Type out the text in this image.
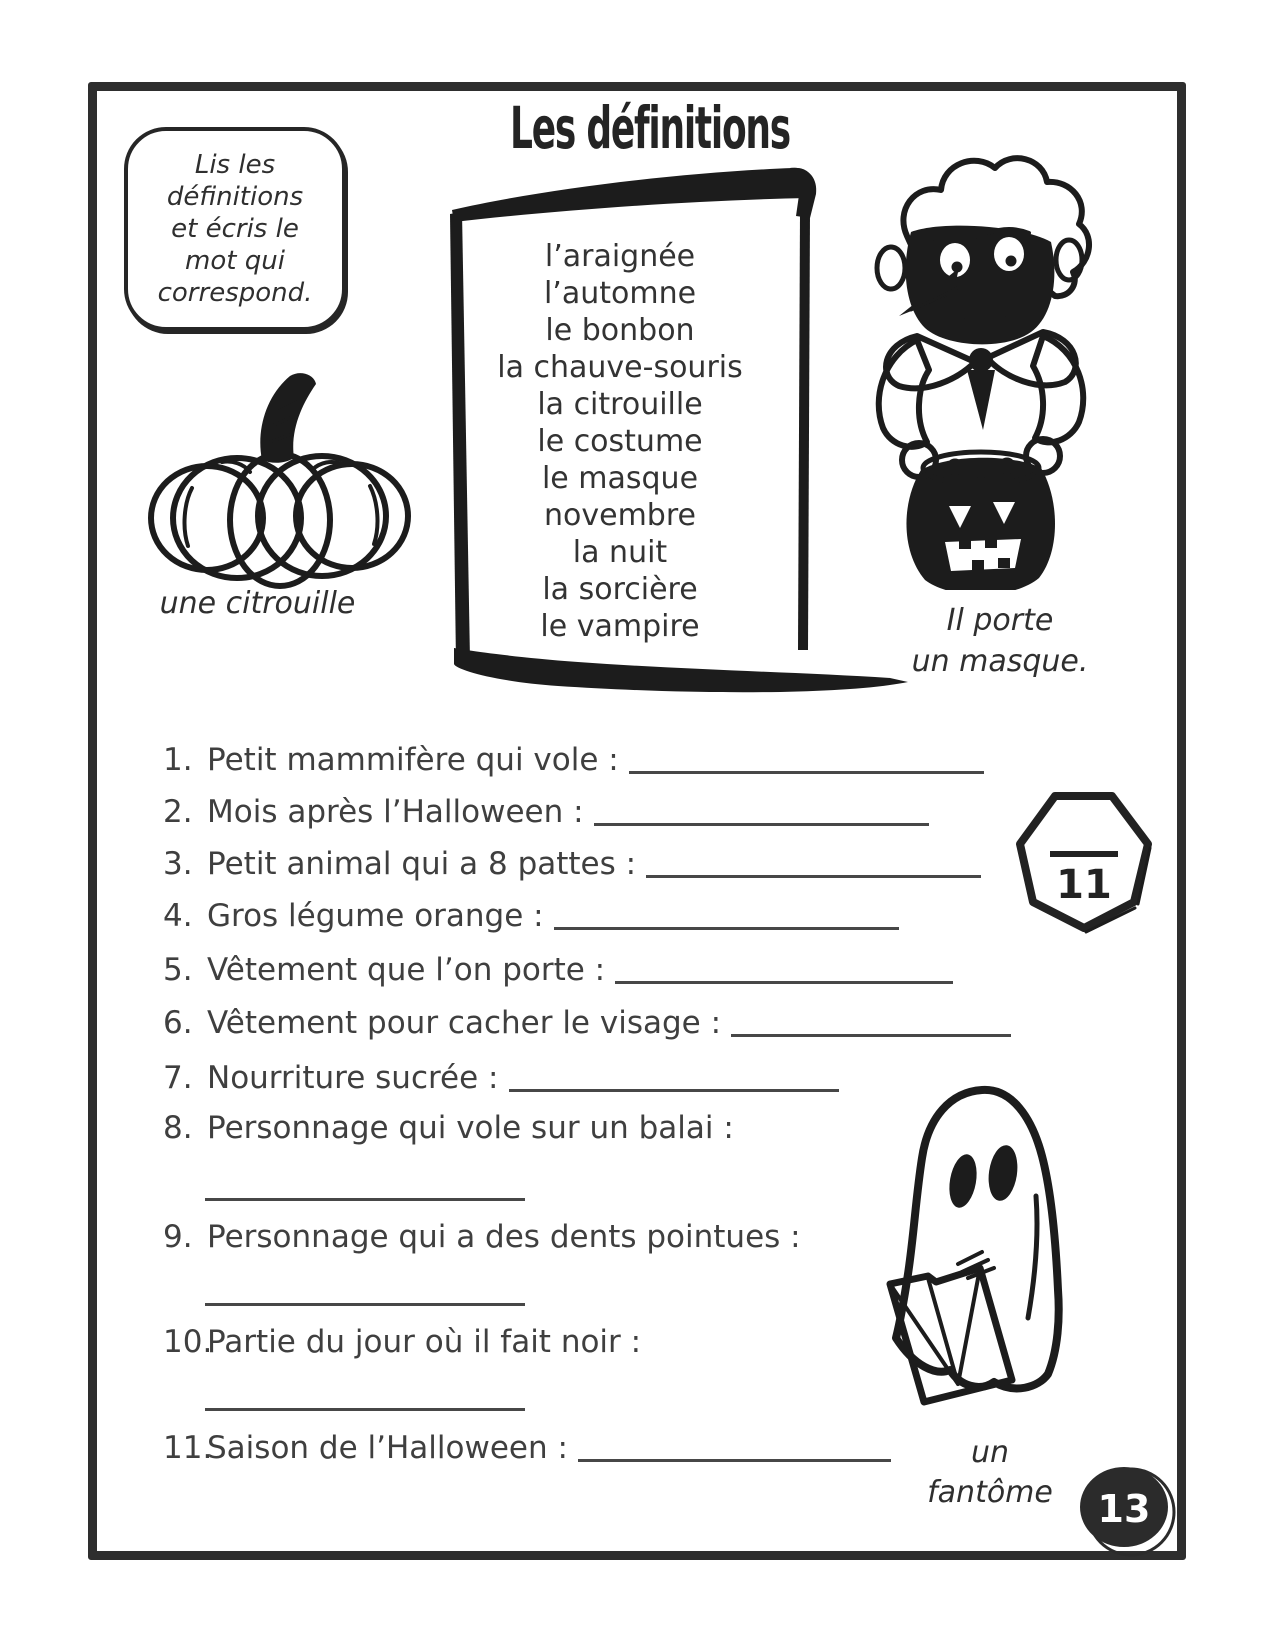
Les définitions
Lis les
définitions
et écris le
mot qui
correspond.
l’araignée
l’automne
le bonbon
la chauve-souris
la citrouille
le costume
le masque
novembre
la nuit
la sorcière
le vampire
une citrouille	Il porte
un masque.
11
1. Petit mammifère qui vole :
2. Mois après l’Halloween :
3. Petit animal qui a 8 pattes :
4. Gros légume orange :
5. Vêtement que l’on porte :
6. Vêtement pour cacher le visage :
7. Nourriture sucrée :
8. Personnage qui vole sur un balai :
9. Personnage qui a des dents pointues :
10.Partie du jour où il fait noir :
11.Saison de l’Halloween :	un
fantôme	13
